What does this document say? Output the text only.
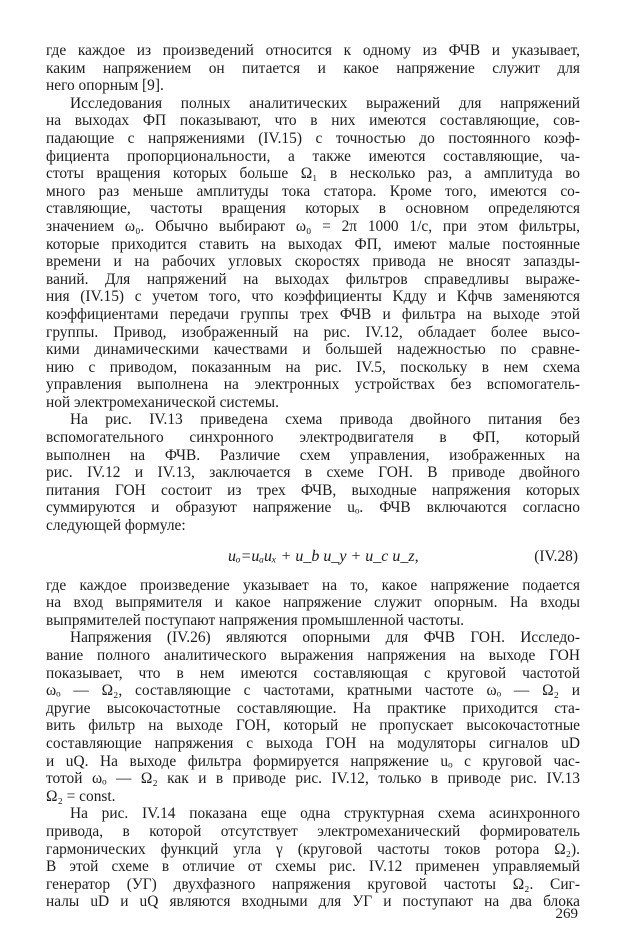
где каждое из произведений относится к одному из ФЧВ и указывает,
каким напряжением он питается и какое напряжение служит для
него опорным [9].
Исследования полных аналитических выражений для напряжений
на выходах ФП показывают, что в них имеются составляющие, сов-
падающие с напряжениями (IV.15) с точностью до постоянного коэф-
фициента пропорциональности, а также имеются составляющие, ча-
стоты вращения которых больше Ω₁ в несколько раз, а амплитуда во
много раз меньше амплитуды тока статора. Кроме того, имеются со-
ставляющие, частоты вращения которых в основном определяются
значением ω₀. Обычно выбирают ω₀ = 2π 1000 1/с, при этом фильтры,
которые приходится ставить на выходах ФП, имеют малые постоянные
времени и на рабочих угловых скоростях привода не вносят запазды-
ваний. Для напряжений на выходах фильтров справедливы выраже-
ния (IV.15) с учетом того, что коэффициенты Kддy и Kфчв заменяются
коэффициентами передачи группы трех ФЧВ и фильтра на выходе этой
группы. Привод, изображенный на рис. IV.12, обладает более высо-
кими динамическими качествами и большей надежностью по сравне-
нию с приводом, показанным на рис. IV.5, поскольку в нем схема
управления выполнена на электронных устройствах без вспомогатель-
ной электромеханической системы.
На рис. IV.13 приведена схема привода двойного питания без
вспомогательного синхронного электродвигателя в ФП, который
выполнен на ФЧВ. Различие схем управления, изображенных на
рис. IV.12 и IV.13, заключается в схеме ГОН. В приводе двойного
питания ГОН состоит из трех ФЧВ, выходные напряжения которых
суммируются и образуют напряжение uₒ. ФЧВ включаются согласно
следующей формуле:
uₒ=uₐuₓ + u_b u_y + u_c u_z,	(IV.28)
где каждое произведение указывает на то, какое напряжение подается
на вход выпрямителя и какое напряжение служит опорным. На входы
выпрямителей поступают напряжения промышленной частоты.
Напряжения (IV.26) являются опорными для ФЧВ ГОН. Исследо-
вание полного аналитического выражения напряжения на выходе ГОН
показывает, что в нем имеются составляющая с круговой частотой
ωₒ — Ω₂, составляющие с частотами, кратными частоте ωₒ — Ω₂ и
другие высокочастотные составляющие. На практике приходится ста-
вить фильтр на выходе ГОН, который не пропускает высокочастотные
составляющие напряжения с выхода ГОН на модуляторы сигналов uD
и uQ. На выходе фильтра формируется напряжение uₒ с круговой час-
тотой ωₒ — Ω₂ как и в приводе рис. IV.12, только в приводе рис. IV.13
Ω₂ = const.
На рис. IV.14 показана еще одна структурная схема асинхронного
привода, в которой отсутствует электромеханический формирователь
гармонических функций угла γ (круговой частоты токов ротора Ω₂).
В этой схеме в отличие от схемы рис. IV.12 применен управляемый
генератор (УГ) двухфазного напряжения круговой частоты Ω₂. Сиг-
налы uD и uQ являются входными для УГ и поступают на два блока
269
